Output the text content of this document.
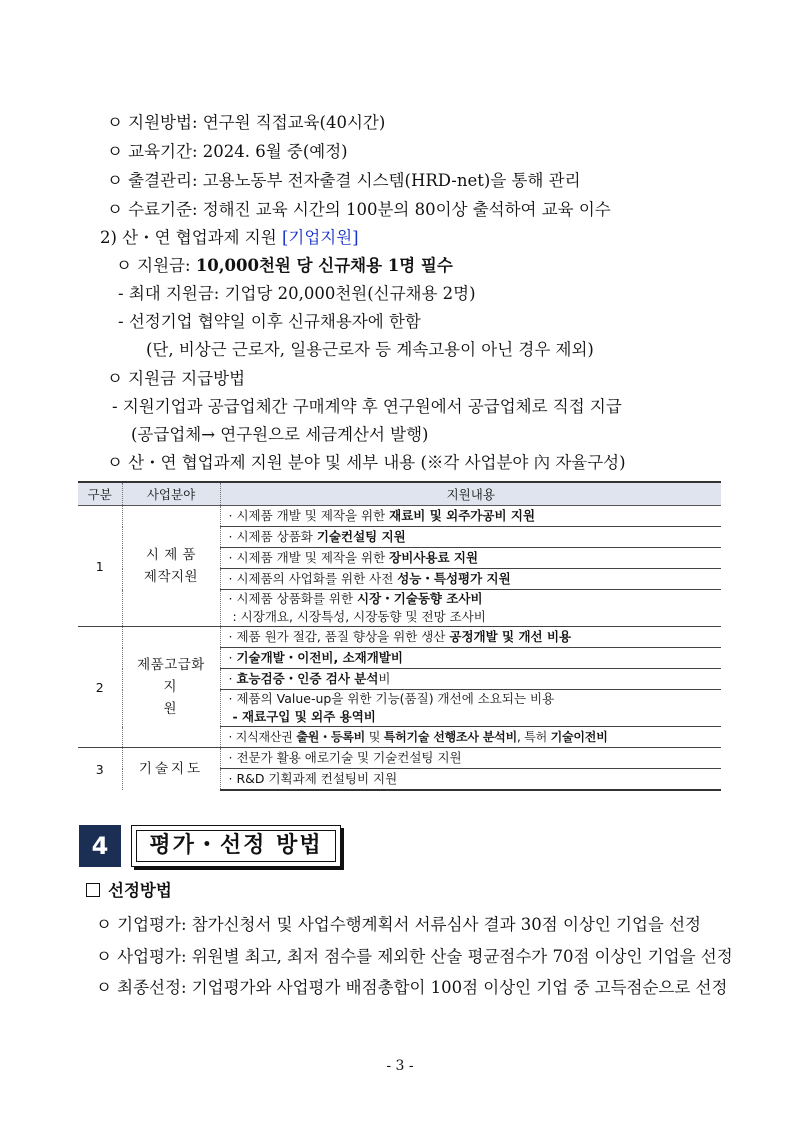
ㅇ 지원방법: 연구원 직접교육(40시간)
ㅇ 교육기간: 2024. 6월 중(예정)
ㅇ 출결관리: 고용노동부 전자출결 시스템(HRD-net)을 통해 관리
ㅇ 수료기준: 정해진 교육 시간의 100분의 80이상 출석하여 교육 이수
2) 산・연 협업과제 지원 [기업지원]
ㅇ 지원금: 10,000천원 당 신규채용 1명 필수
- 최대 지원금: 기업당 20,000천원(신규채용 2명)
- 선정기업 협약일 이후 신규채용자에 한함
(단, 비상근 근로자, 일용근로자 등 계속고용이 아닌 경우 제외)
ㅇ 지원금 지급방법
- 지원기업과 공급업체간 구매계약 후 연구원에서 공급업체로 직접 지급
(공급업체→ 연구원으로 세금계산서 발행)
ㅇ 산・연 협업과제 지원 분야 및 세부 내용 (※각 사업분야 內 자율구성)
구분	사업분야	지원내용
1	시 제 품
제작지원	· 시제품 개발 및 제작을 위한 재료비 및 외주가공비 지원
		· 시제품 상품화 기술컨설팅 지원
		· 시제품 개발 및 제작을 위한 장비사용료 지원
		· 시제품의 사업화를 위한 사전 성능・특성평가 지원

		· 시제품 상품화를 위한 시장・기술동향 조사비
: 시장개요, 시장특성, 시장동향 및 전망 조사비

2	제품고급화
지 원	· 제품 원가 절감, 품질 향상을 위한 생산 공정개발 및 개선 비용
		· 기술개발・이전비, 소재개발비
		· 효능검증・인증 검사 분석비

		· 제품의 Value-up을 위한 기능(품질) 개선에 소요되는 비용
- 재료구입 및 외주 용역비

		· 지식재산권 출원・등록비 및 특허기술 선행조사 분석비, 특허 기술이전비
3	기술지도	· 전문가 활용 애로기술 및 기술컨설팅 지원
		· R&D 기획과제 컨설팅비 지원
4	평가・선정 방법
선정방법
ㅇ 기업평가: 참가신청서 및 사업수행계획서 서류심사 결과 30점 이상인 기업을 선정
ㅇ 사업평가: 위원별 최고, 최저 점수를 제외한 산술 평균점수가 70점 이상인 기업을 선정
ㅇ 최종선정: 기업평가와 사업평가 배점총합이 100점 이상인 기업 중 고득점순으로 선정
- 3 -
